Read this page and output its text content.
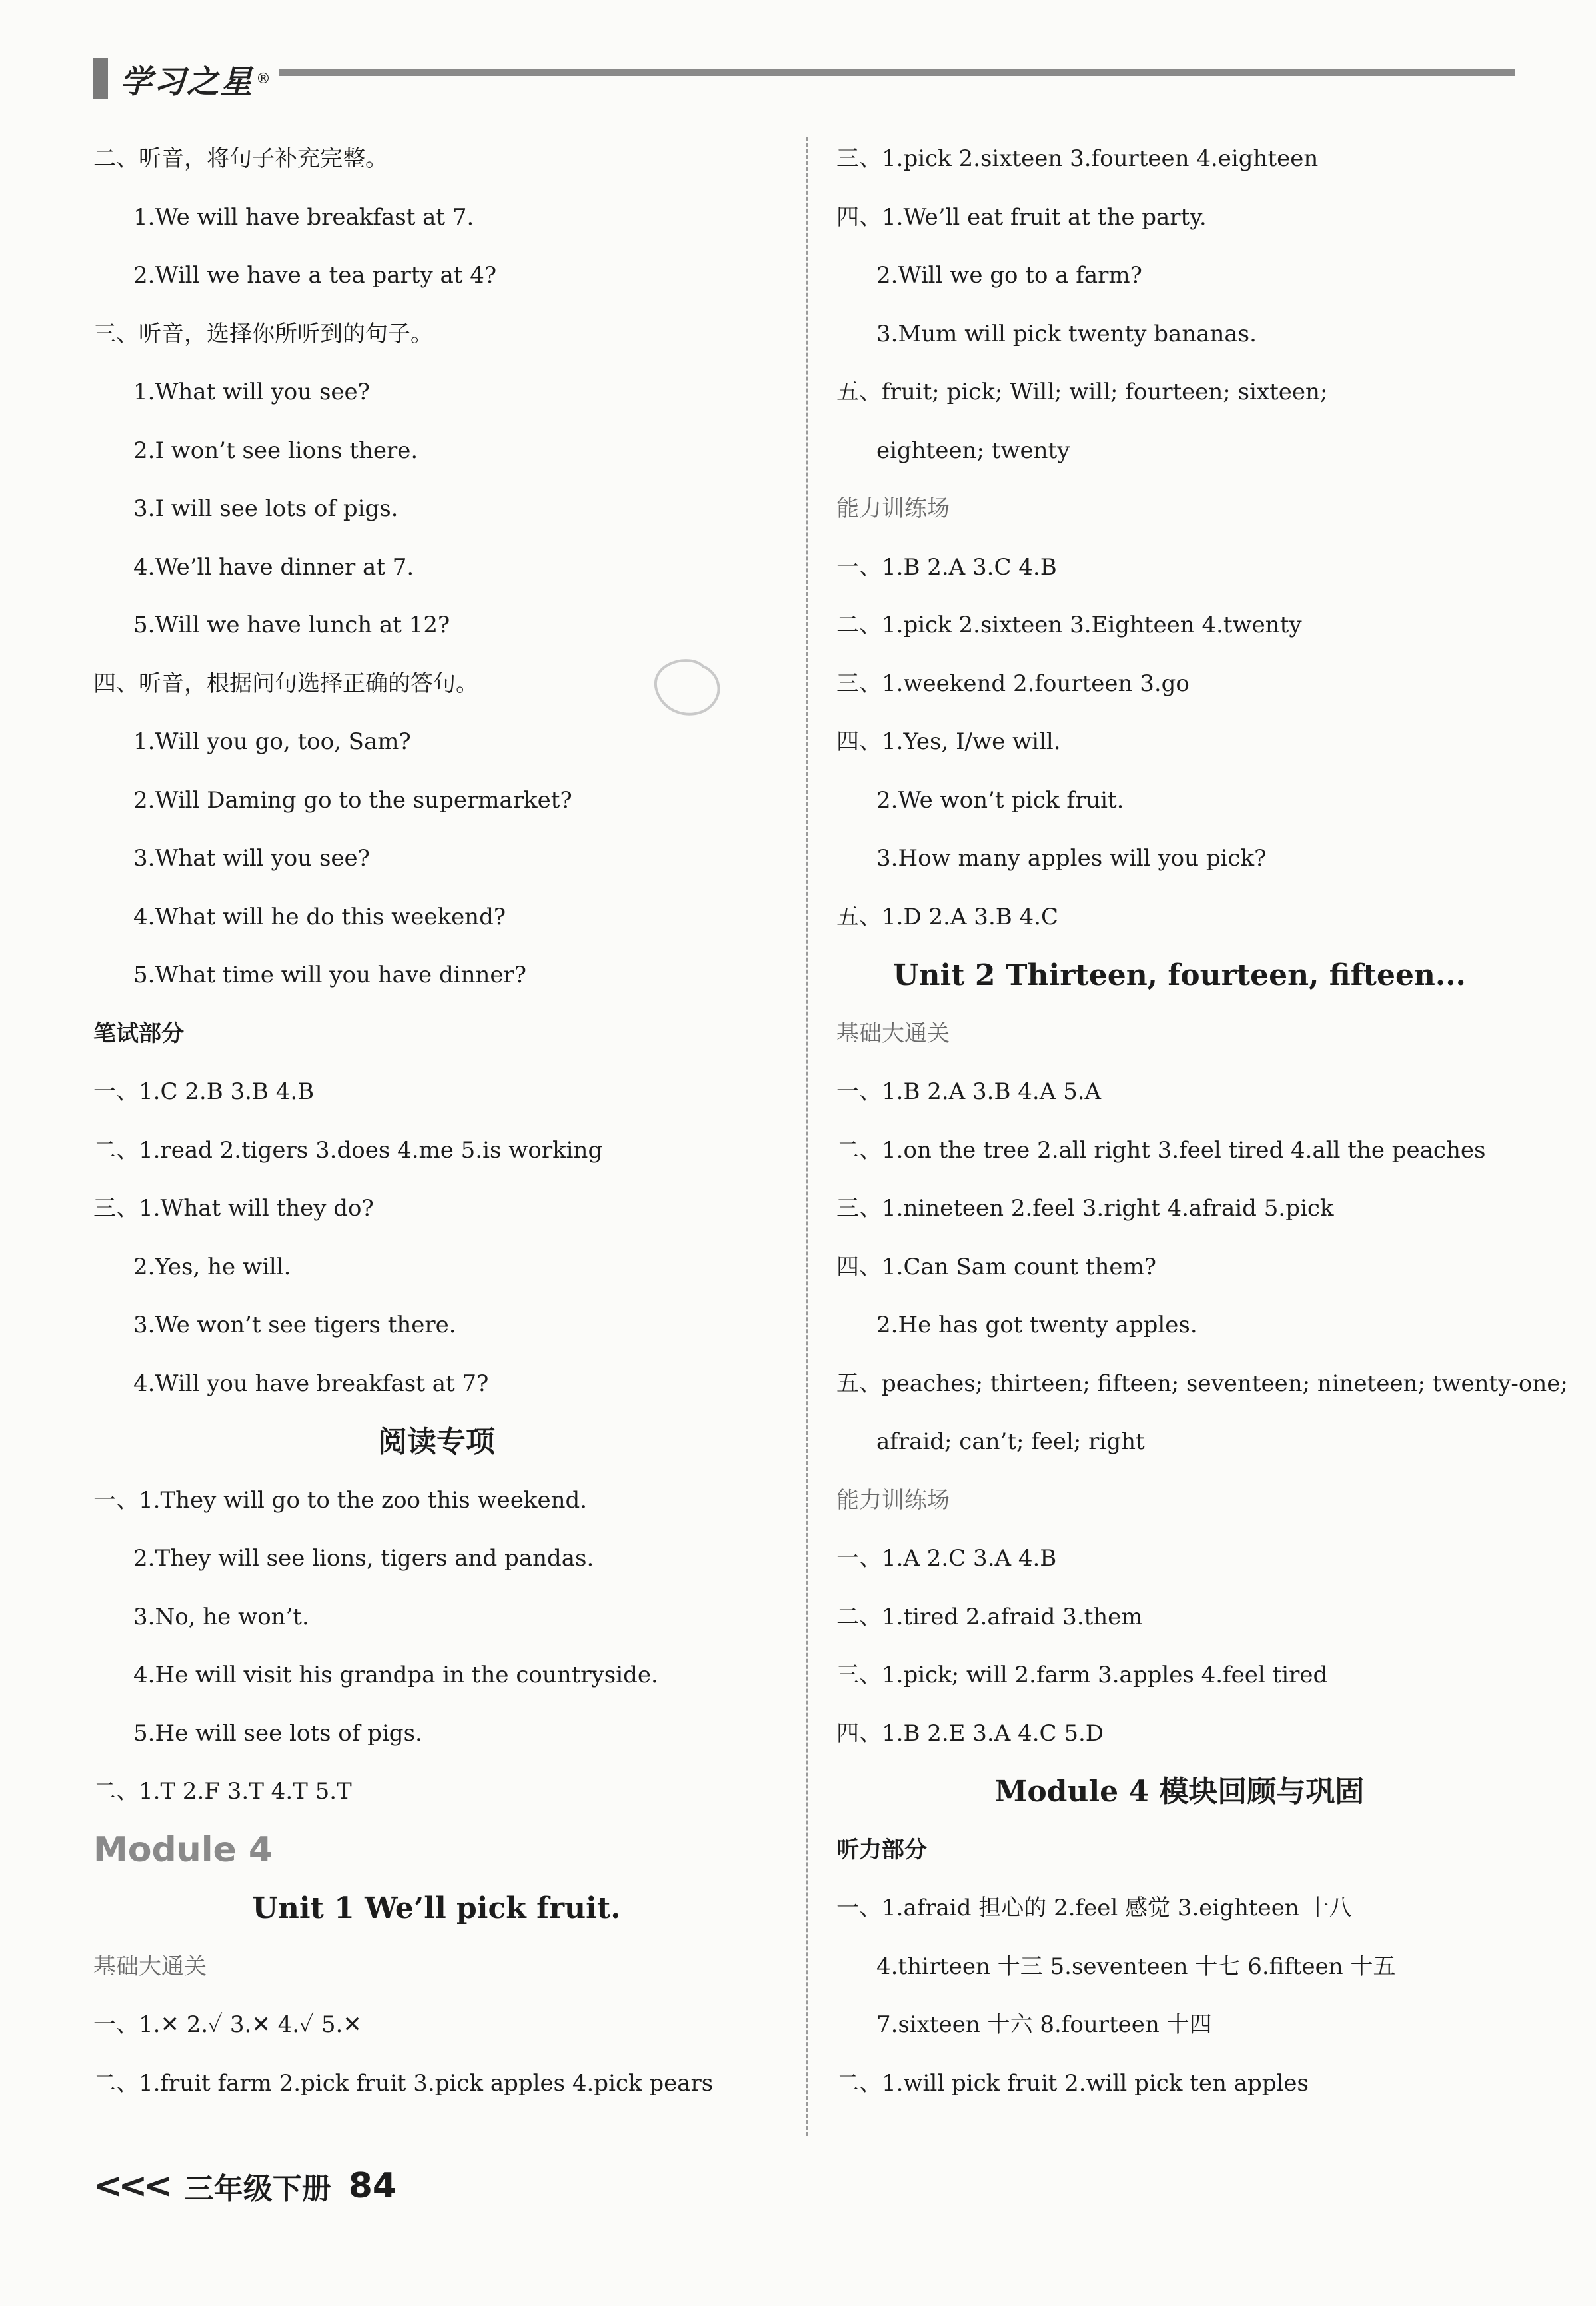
学习之星 ®
二、听音，将句子补充完整。
1.We will have breakfast at 7.
2.Will we have a tea party at 4?
三、听音，选择你所听到的句子。
1.What will you see?
2.I won’t see lions there.
3.I will see lots of pigs.
4.We’ll have dinner at 7.
5.Will we have lunch at 12?
四、听音，根据问句选择正确的答句。
1.Will you go, too, Sam?
2.Will Daming go to the supermarket?
3.What will you see?
4.What will he do this weekend?
5.What time will you have dinner?
笔试部分
一、1.C 2.B 3.B 4.B
二、1.read 2.tigers 3.does 4.me 5.is working
三、1.What will they do?
2.Yes, he will.
3.We won’t see tigers there.
4.Will you have breakfast at 7?
阅读专项
一、1.They will go to the zoo this weekend.
2.They will see lions, tigers and pandas.
3.No, he won’t.
4.He will visit his grandpa in the countryside.
5.He will see lots of pigs.
二、1.T 2.F 3.T 4.T 5.T
Module 4
Unit 1 We’ll pick fruit.
基础大通关
一、1.✕ 2.✓ 3.✕ 4.✓ 5.✕
二、1.fruit farm 2.pick fruit 3.pick apples 4.pick pears
三、1.pick 2.sixteen 3.fourteen 4.eighteen
四、1.We’ll eat fruit at the party.
2.Will we go to a farm?
3.Mum will pick twenty bananas.
五、fruit; pick; Will; will; fourteen; sixteen;
eighteen; twenty
能力训练场
一、1.B 2.A 3.C 4.B
二、1.pick 2.sixteen 3.Eighteen 4.twenty
三、1.weekend 2.fourteen 3.go
四、1.Yes, I/we will.
2.We won’t pick fruit.
3.How many apples will you pick?
五、1.D 2.A 3.B 4.C
Unit 2 Thirteen, fourteen, fifteen...
基础大通关
一、1.B 2.A 3.B 4.A 5.A
二、1.on the tree 2.all right 3.feel tired 4.all the peaches
三、1.nineteen 2.feel 3.right 4.afraid 5.pick
四、1.Can Sam count them?
2.He has got twenty apples.
五、peaches; thirteen; fifteen; seventeen; nineteen; twenty-one;
afraid; can’t; feel; right
能力训练场
一、1.A 2.C 3.A 4.B
二、1.tired 2.afraid 3.them
三、1.pick; will 2.farm 3.apples 4.feel tired
四、1.B 2.E 3.A 4.C 5.D
Module 4 模块回顾与巩固
听力部分
一、1.afraid 担心的 2.feel 感觉 3.eighteen 十八
4.thirteen 十三 5.seventeen 十七 6.fifteen 十五
7.sixteen 十六 8.fourteen 十四
二、1.will pick fruit 2.will pick ten apples
<<< 三年级下册 84
